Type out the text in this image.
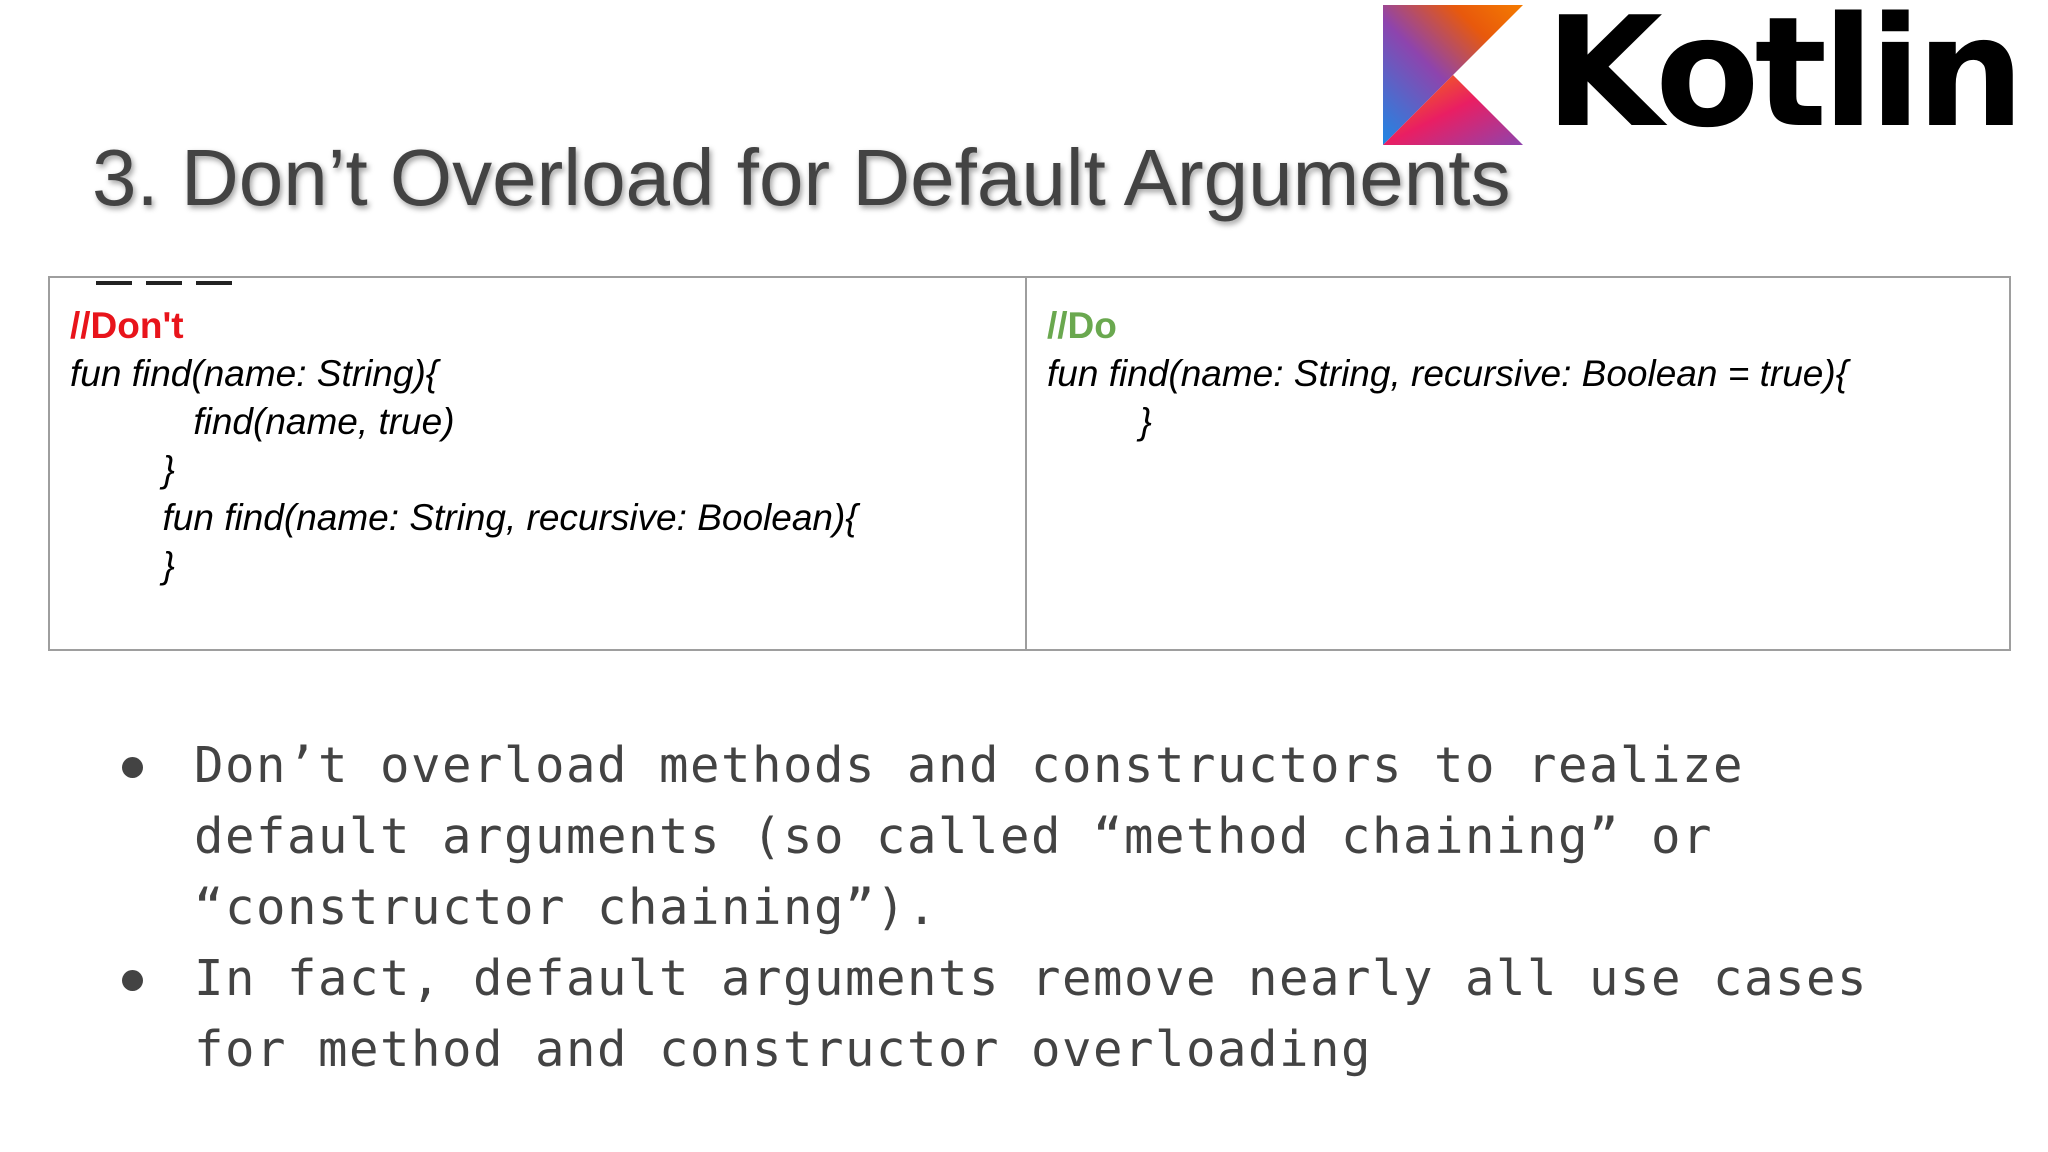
Kotlin
3. Don’t Overload for Default Arguments
//Don't
fun find(name: String){
find(name, true)
}
fun find(name: String, recursive: Boolean){
}

//Do
fun find(name: String, recursive: Boolean = true){
}
Don’t overload methods and constructors to realize
default arguments (so called “method chaining” or
“constructor chaining”).
In fact, default arguments remove nearly all use cases
for method and constructor overloading
